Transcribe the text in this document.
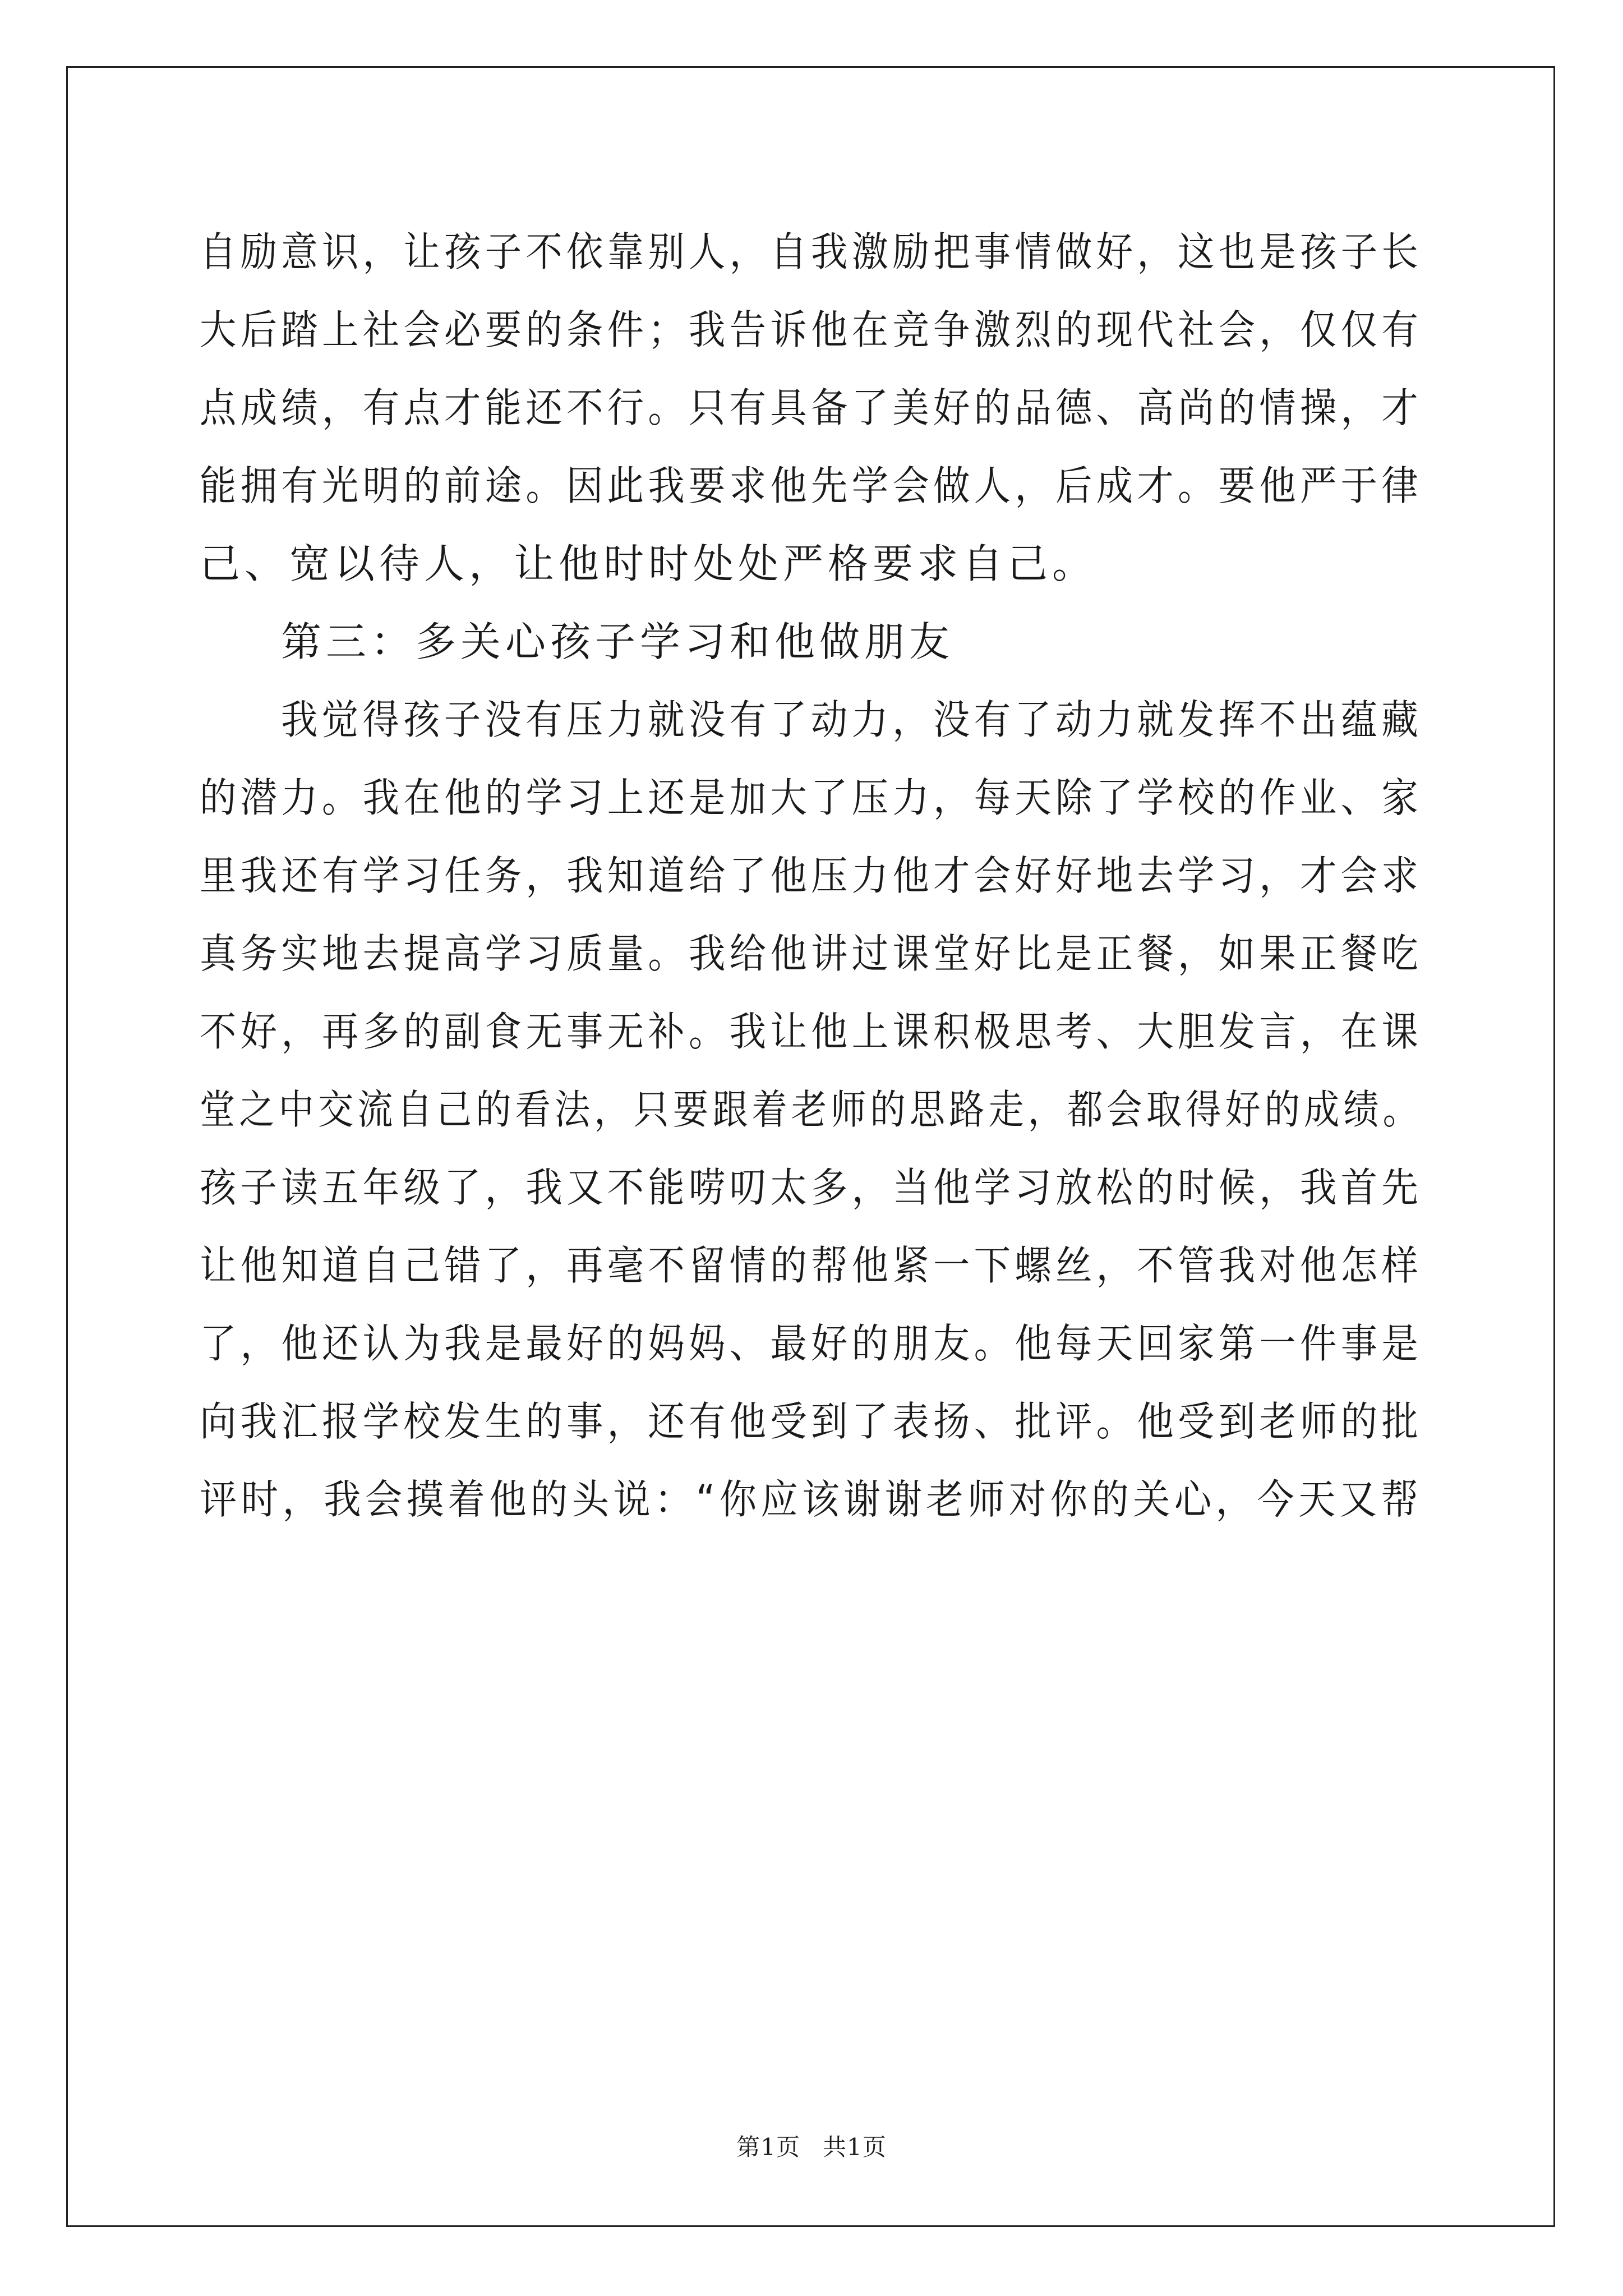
自励意识，让孩子不依靠别人，自我激励把事情做好，这也是孩子长
大后踏上社会必要的条件；我告诉他在竞争激烈的现代社会，仅仅有
点成绩，有点才能还不行。只有具备了美好的品德、高尚的情操，才
能拥有光明的前途。因此我要求他先学会做人，后成才。要他严于律
己、宽以待人，让他时时处处严格要求自己。
第三：多关心孩子学习和他做朋友
我觉得孩子没有压力就没有了动力，没有了动力就发挥不出蕴藏
的潜力。我在他的学习上还是加大了压力，每天除了学校的作业、家
里我还有学习任务，我知道给了他压力他才会好好地去学习，才会求
真务实地去提高学习质量。我给他讲过课堂好比是正餐，如果正餐吃
不好，再多的副食无事无补。我让他上课积极思考、大胆发言，在课
堂之中交流自己的看法，只要跟着老师的思路走，都会取得好的成绩。
孩子读五年级了，我又不能唠叨太多，当他学习放松的时候，我首先
让他知道自己错了，再毫不留情的帮他紧一下螺丝，不管我对他怎样
了，他还认为我是最好的妈妈、最好的朋友。他每天回家第一件事是
向我汇报学校发生的事，还有他受到了表扬、批评。他受到老师的批
评时，我会摸着他的头说：“你应该谢谢老师对你的关心，今天又帮
第1页 共1页
